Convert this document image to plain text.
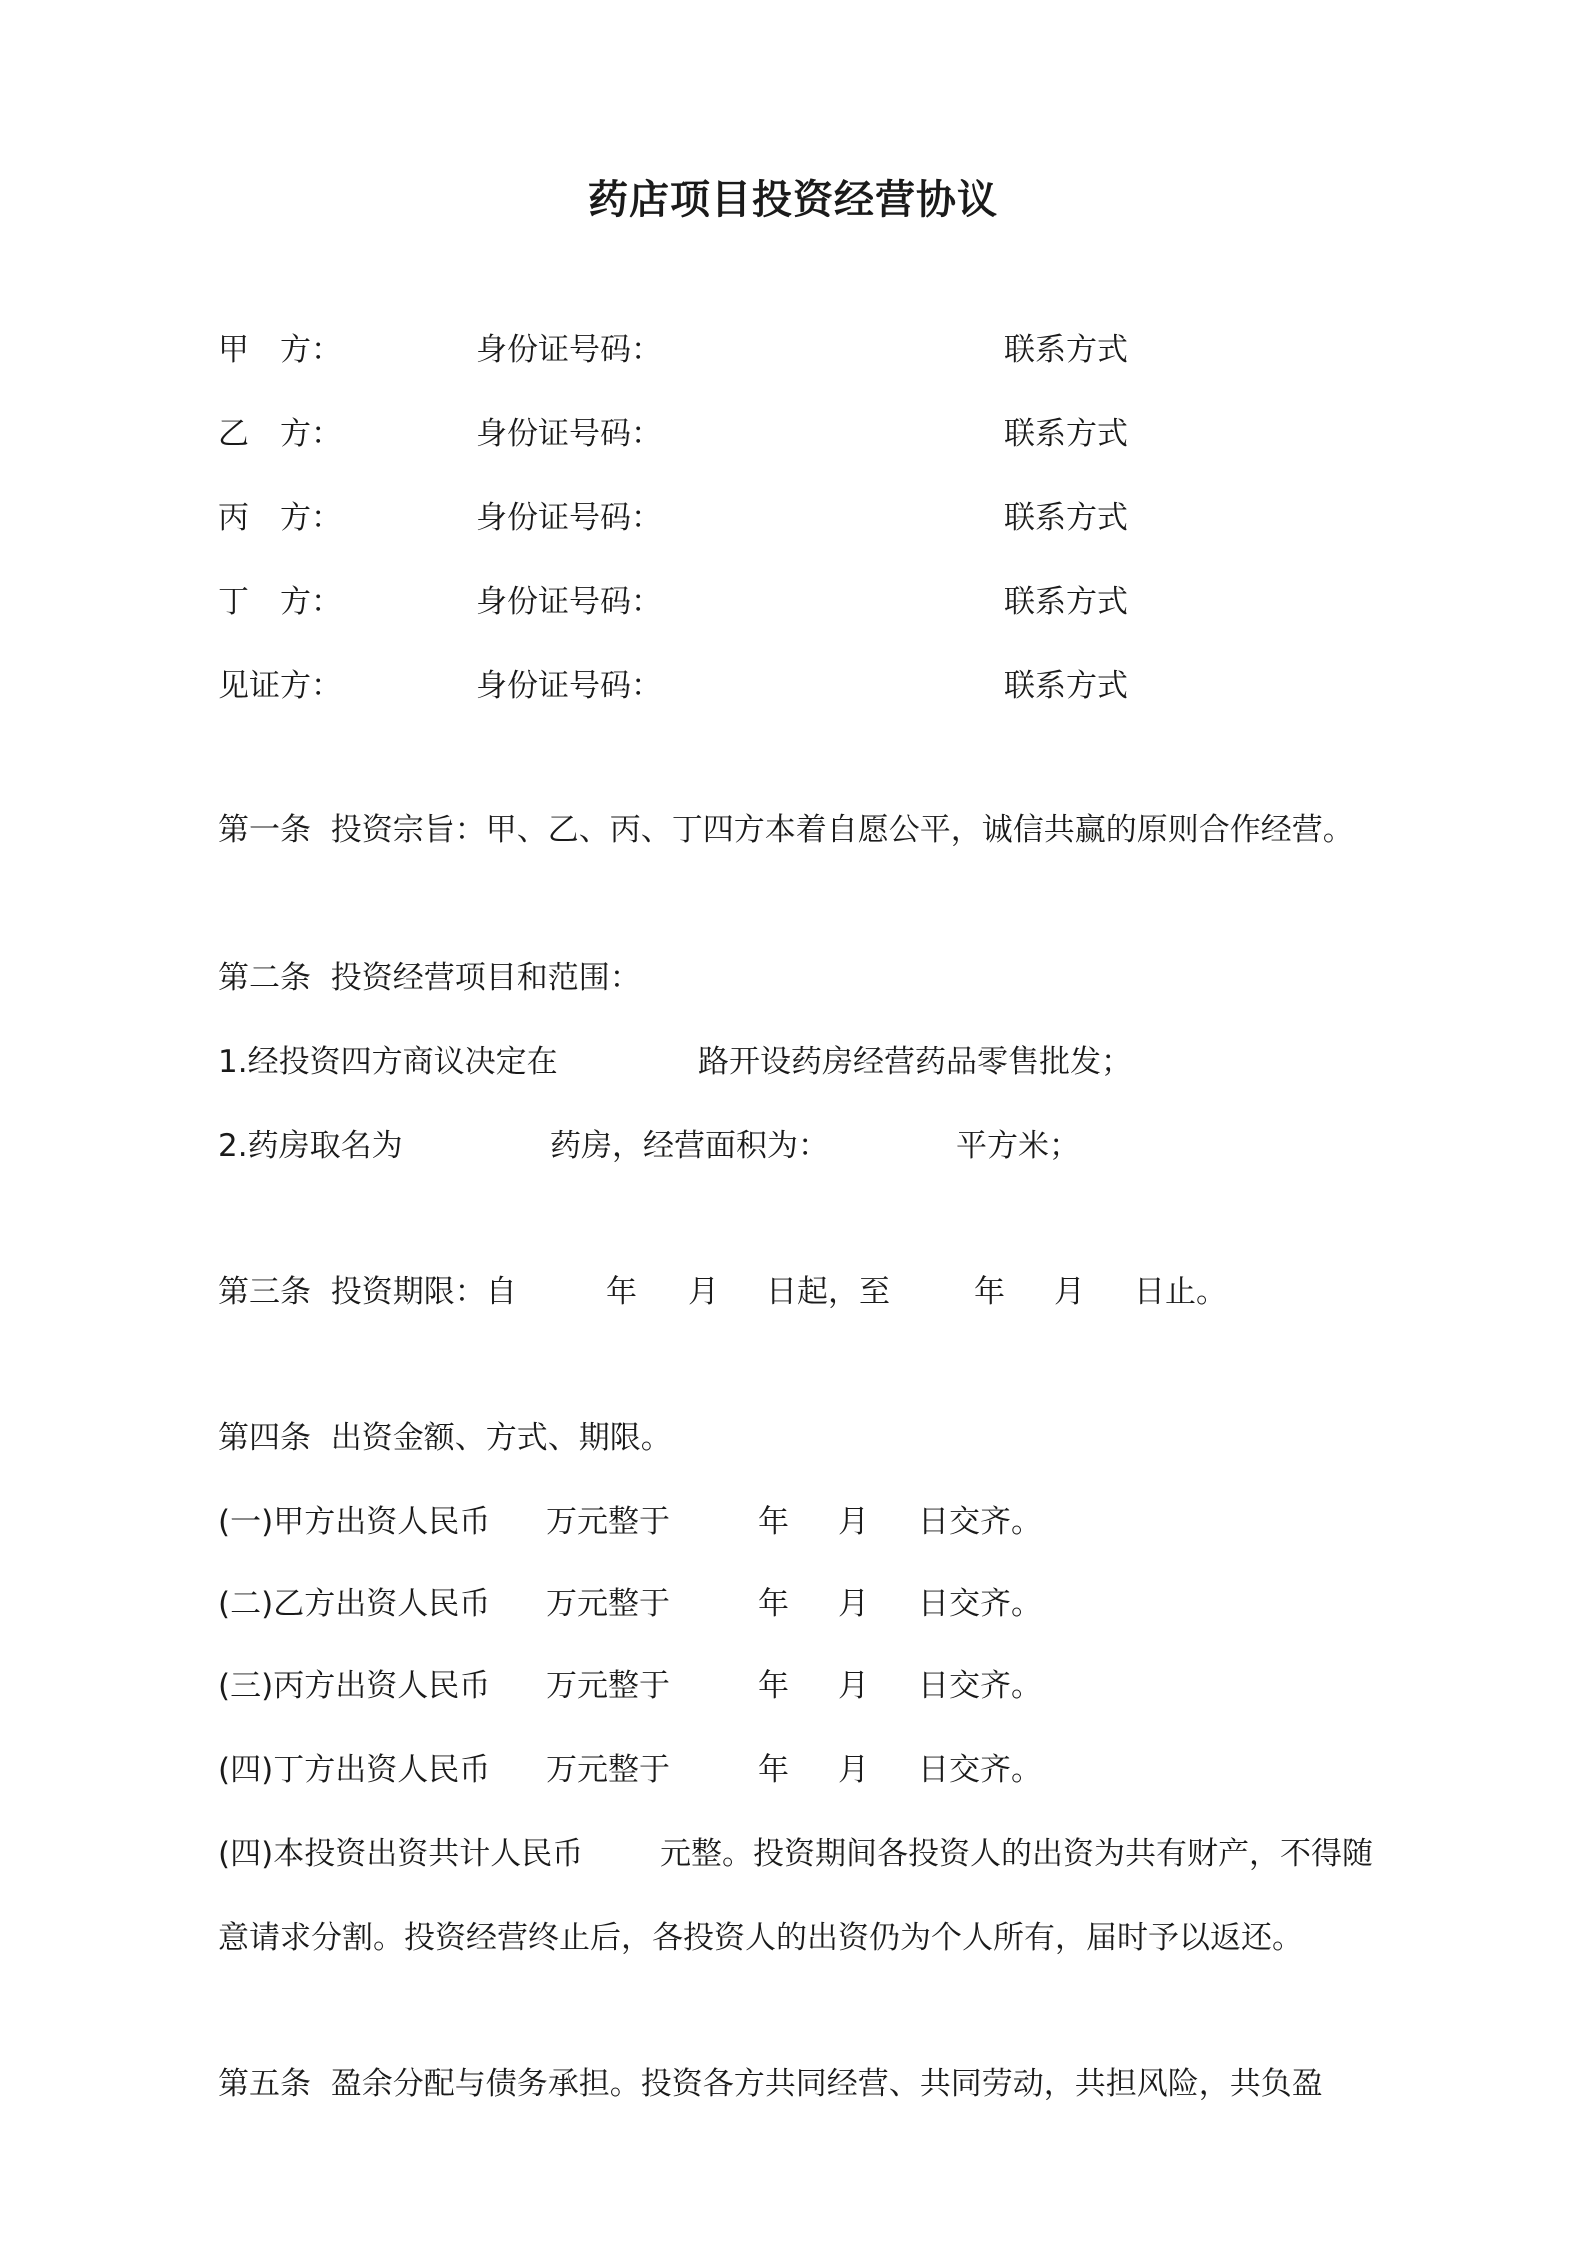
药店项目投资经营协议
甲　方：	身份证号码：	联系方式
乙　方：	身份证号码：	联系方式
丙　方：	身份证号码：	联系方式
丁　方：	身份证号码：	联系方式
见证方：	身份证号码：	联系方式
第一条  投资宗旨：甲、乙、丙、丁四方本着自愿公平，诚信共赢的原则合作经营。
第二条  投资经营项目和范围：
1.经投资四方商议决定在	路开设药房经营药品零售批发；
2.药房取名为	药房，经营面积为：	平方米；
第三条  投资期限：自	年 月 日起，至	年 月 日止。
第四条  出资金额、方式、期限。
(一)甲方出资人民币 万元整于	年 月 日交齐。
(二)乙方出资人民币 万元整于	年 月 日交齐。
(三)丙方出资人民币 万元整于	年 月 日交齐。
(四)丁方出资人民币 万元整于	年 月 日交齐。
(四)本投资出资共计人民币 元整。投资期间各投资人的出资为共有财产，不得随
意请求分割。投资经营终止后，各投资人的出资仍为个人所有，届时予以返还。
第五条  盈余分配与债务承担。投资各方共同经营、共同劳动，共担风险，共负盈
